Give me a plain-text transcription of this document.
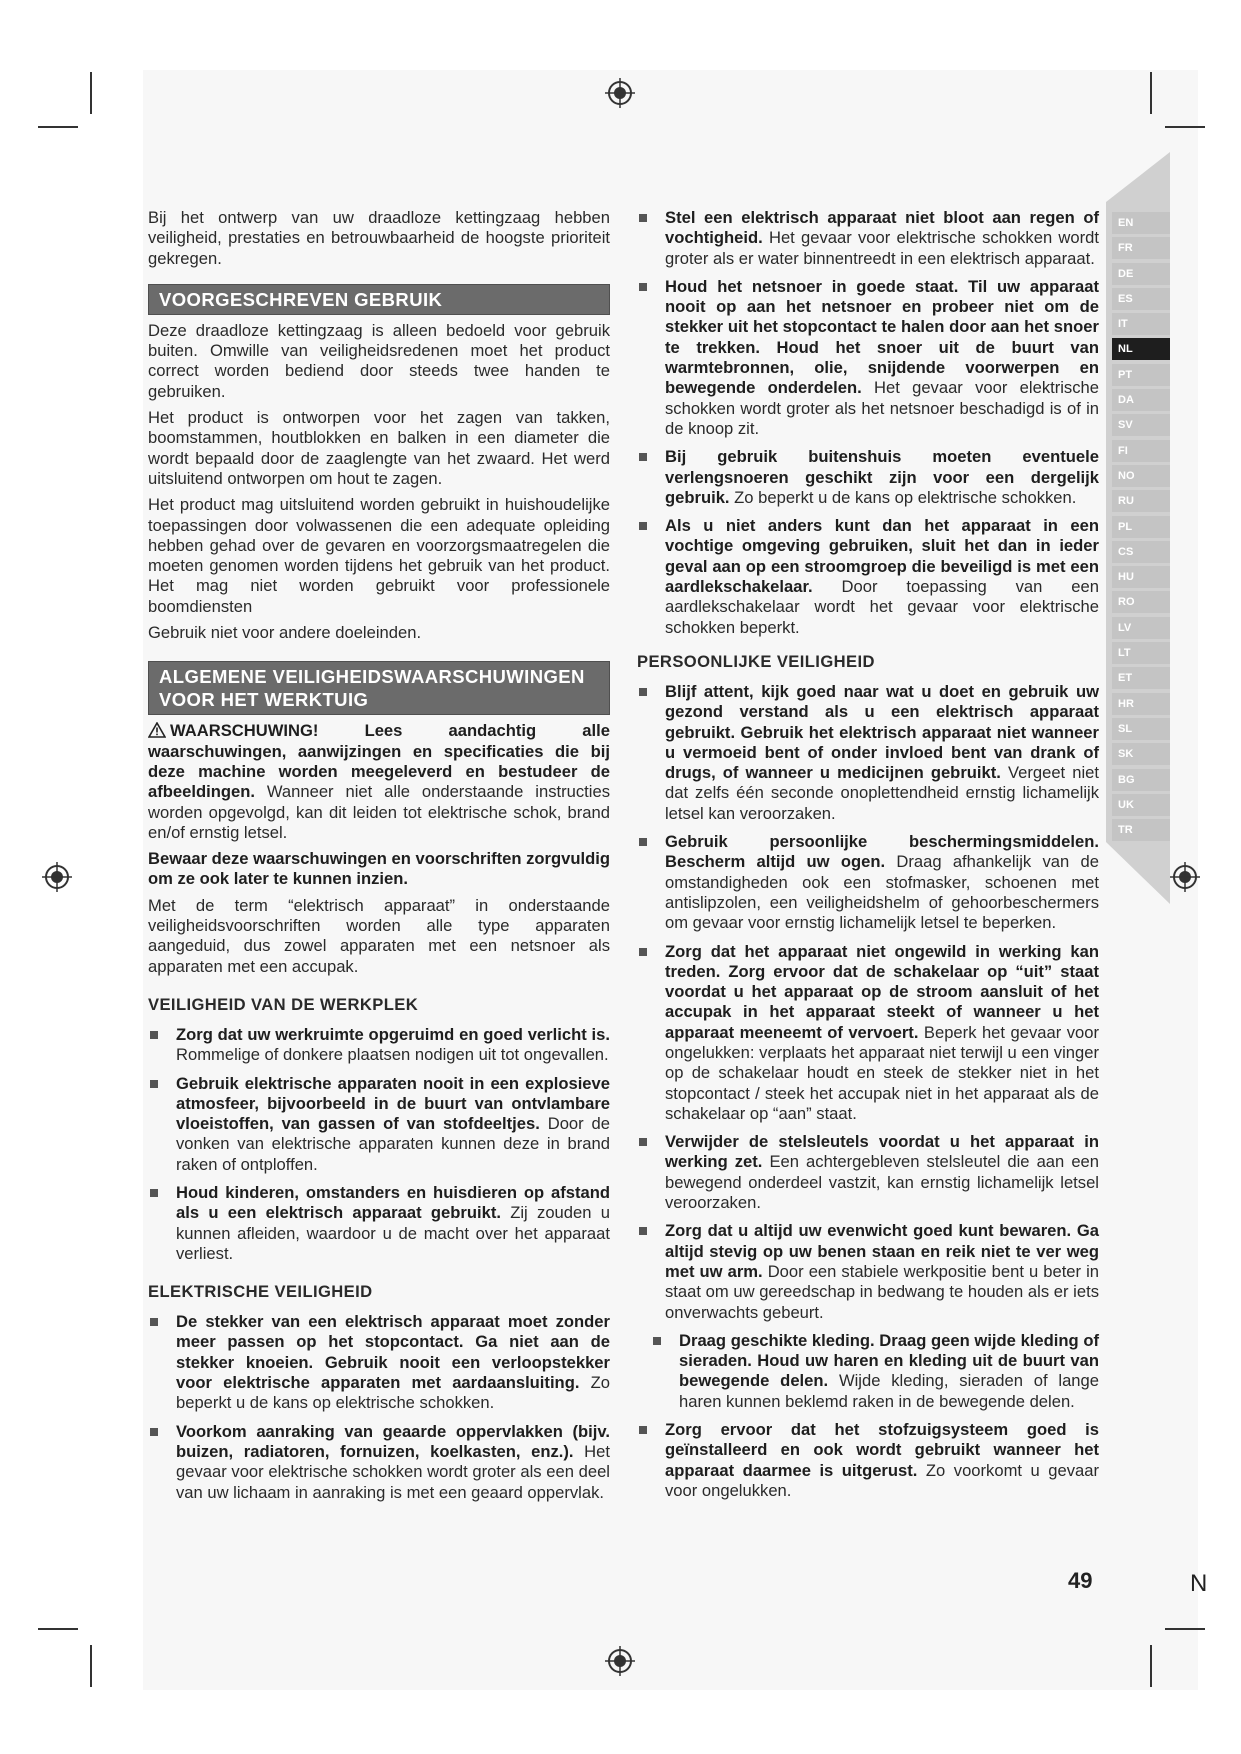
EN
FR
DE
ES
IT
NL
PT
DA
SV
FI
NO
RU
PL
CS
HU
RO
LV
LT
ET
HR
SL
SK
BG
UK
TR

Bij het ontwerp van uw draadloze kettingzaag hebben veiligheid, prestaties en betrouwbaarheid de hoogste prioriteit gekregen.

VOORGESCHREVEN GEBRUIK

Deze draadloze kettingzaag is alleen bedoeld voor gebruik buiten. Omwille van veiligheidsredenen moet het product correct worden bediend door steeds twee handen te gebruiken.

Het product is ontworpen voor het zagen van takken, boomstammen, houtblokken en balken in een diameter die wordt bepaald door de zaaglengte van het zwaard. Het werd uitsluitend ontworpen om hout te zagen.

Het product mag uitsluitend worden gebruikt in huishoudelijke toepassingen door volwassenen die een adequate opleiding hebben gehad over de gevaren en voorzorgsmaatregelen die moeten genomen worden tijdens het gebruik van het product. Het mag niet worden gebruikt voor professionele boomdiensten

Gebruik niet voor andere doeleinden.

ALGEMENE VEILIGHEIDSWAARSCHUWINGEN
VOOR HET WERKTUIG

WAARSCHUWING! Lees aandachtig alle waarschuwingen, aanwijzingen en specificaties die bij deze machine worden meegeleverd en bestudeer de afbeeldingen. Wanneer niet alle onderstaande instructies worden opgevolgd, kan dit leiden tot elektrische schok, brand en/of ernstig letsel.

Bewaar deze waarschuwingen en voorschriften zorgvuldig om ze ook later te kunnen inzien.

Met de term “elektrisch apparaat” in onderstaande veiligheidsvoorschriften worden alle type apparaten aangeduid, dus zowel apparaten met een netsnoer als apparaten met een accupak.

VEILIGHEID VAN DE WERKPLEK
Zorg dat uw werkruimte opgeruimd en goed verlicht is. Rommelige of donkere plaatsen nodigen uit tot ongevallen.
Gebruik elektrische apparaten nooit in een explosieve atmosfeer, bijvoorbeeld in de buurt van ontvlambare vloeistoffen, van gassen of van stofdeeltjes. Door de vonken van elektrische apparaten kunnen deze in brand raken of ontploffen.
Houd kinderen, omstanders en huisdieren op afstand als u een elektrisch apparaat gebruikt. Zij zouden u kunnen afleiden, waardoor u de macht over het apparaat verliest.
ELEKTRISCHE VEILIGHEID
De stekker van een elektrisch apparaat moet zonder meer passen op het stopcontact. Ga niet aan de stekker knoeien. Gebruik nooit een verloopstekker voor elektrische apparaten met aardaansluiting. Zo beperkt u de kans op elektrische schokken.
Voorkom aanraking van geaarde oppervlakken (bijv. buizen, radiatoren, fornuizen, koelkasten, enz.). Het gevaar voor elektrische schokken wordt groter als een deel van uw lichaam in aanraking is met een geaard oppervlak.
Stel een elektrisch apparaat niet bloot aan regen of vochtigheid. Het gevaar voor elektrische schokken wordt groter als er water binnentreedt in een elektrisch apparaat.
Houd het netsnoer in goede staat. Til uw apparaat nooit op aan het netsnoer en probeer niet om de stekker uit het stopcontact te halen door aan het snoer te trekken. Houd het snoer uit de buurt van warmtebronnen, olie, snijdende voorwerpen en bewegende onderdelen. Het gevaar voor elektrische schokken wordt groter als het netsnoer beschadigd is of in de knoop zit.
Bij gebruik buitenshuis moeten eventuele verlengsnoeren geschikt zijn voor een dergelijk gebruik. Zo beperkt u de kans op elektrische schokken.
Als u niet anders kunt dan het apparaat in een vochtige omgeving gebruiken, sluit het dan in ieder geval aan op een stroomgroep die beveiligd is met een aardlekschakelaar. Door toepassing van een aardlekschakelaar wordt het gevaar voor elektrische schokken beperkt.
PERSOONLIJKE VEILIGHEID
Blijf attent, kijk goed naar wat u doet en gebruik uw gezond verstand als u een elektrisch apparaat gebruikt. Gebruik het elektrisch apparaat niet wanneer u vermoeid bent of onder invloed bent van drank of drugs, of wanneer u medicijnen gebruikt. Vergeet niet dat zelfs één seconde onoplettendheid ernstig lichamelijk letsel kan veroorzaken.
Gebruik persoonlijke beschermingsmiddelen. Bescherm altijd uw ogen. Draag afhankelijk van de omstandigheden ook een stofmasker, schoenen met antislipzolen, een veiligheidshelm of gehoorbeschermers om gevaar voor ernstig lichamelijk letsel te beperken.
Zorg dat het apparaat niet ongewild in werking kan treden. Zorg ervoor dat de schakelaar op “uit” staat voordat u het apparaat op de stroom aansluit of het accupak in het apparaat steekt of wanneer u het apparaat meeneemt of vervoert. Beperk het gevaar voor ongelukken: verplaats het apparaat niet terwijl u een vinger op de schakelaar houdt en steek de stekker niet in het stopcontact / steek het accupak niet in het apparaat als de schakelaar op “aan” staat.
Verwijder de stelsleutels voordat u het apparaat in werking zet. Een achtergebleven stelsleutel die aan een bewegend onderdeel vastzit, kan ernstig lichamelijk letsel veroorzaken.
Zorg dat u altijd uw evenwicht goed kunt bewaren. Ga altijd stevig op uw benen staan en reik niet te ver weg met uw arm. Door een stabiele werkpositie bent u beter in staat om uw gereedschap in bedwang te houden als er iets onverwachts gebeurt.
Draag geschikte kleding. Draag geen wijde kleding of sieraden. Houd uw haren en kleding uit de buurt van bewegende delen. Wijde kleding, sieraden of lange haren kunnen beklemd raken in de bewegende delen.
Zorg ervoor dat het stofzuigsysteem goed is geïnstalleerd en ook wordt gebruikt wanneer het apparaat daarmee is uitgerust. Zo voorkomt u gevaar voor ongelukken.
49	N
